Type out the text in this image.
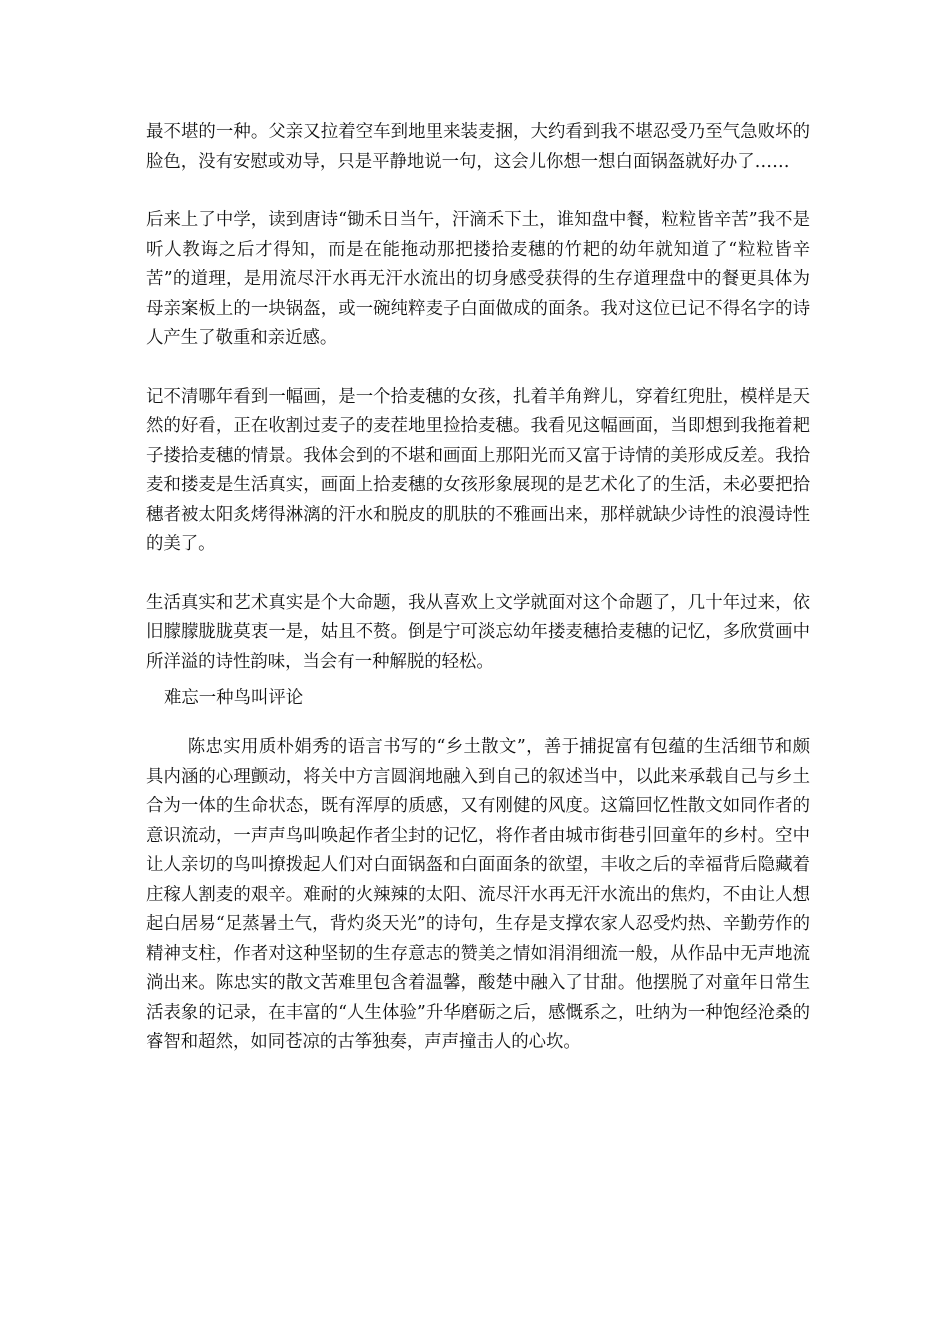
最不堪的一种。父亲又拉着空车到地里来装麦捆，大约看到我不堪忍受乃至气急败坏的脸色，没有安慰或劝导，只是平静地说一句，这会儿你想一想白面锅盔就好办了……

后来上了中学，读到唐诗“锄禾日当午，汗滴禾下土，谁知盘中餐，粒粒皆辛苦”我不是听人教诲之后才得知，而是在能拖动那把搂拾麦穗的竹耙的幼年就知道了“粒粒皆辛苦”的道理，是用流尽汗水再无汗水流出的切身感受获得的生存道理盘中的餐更具体为母亲案板上的一块锅盔，或一碗纯粹麦子白面做成的面条。我对这位已记不得名字的诗人产生了敬重和亲近感。

记不清哪年看到一幅画，是一个拾麦穗的女孩，扎着羊角辫儿，穿着红兜肚，模样是天然的好看，正在收割过麦子的麦茬地里捡拾麦穗。我看见这幅画面，当即想到我拖着耙子搂拾麦穗的情景。我体会到的不堪和画面上那阳光而又富于诗情的美形成反差。我拾麦和搂麦是生活真实，画面上拾麦穗的女孩形象展现的是艺术化了的生活，未必要把拾穗者被太阳炙烤得淋漓的汗水和脱皮的肌肤的不雅画出来，那样就缺少诗性的浪漫诗性的美了。

生活真实和艺术真实是个大命题，我从喜欢上文学就面对这个命题了，几十年过来，依旧朦朦胧胧莫衷一是，姑且不赘。倒是宁可淡忘幼年搂麦穗拾麦穗的记忆，多欣赏画中所洋溢的诗性韵味，当会有一种解脱的轻松。

难忘一种鸟叫评论

陈忠实用质朴娟秀的语言书写的“乡土散文”，善于捕捉富有包蕴的生活细节和颇具内涵的心理颤动，将关中方言圆润地融入到自己的叙述当中，以此来承载自己与乡土合为一体的生命状态，既有浑厚的质感，又有刚健的风度。这篇回忆性散文如同作者的意识流动，一声声鸟叫唤起作者尘封的记忆，将作者由城市街巷引回童年的乡村。空中让人亲切的鸟叫撩拨起人们对白面锅盔和白面面条的欲望，丰收之后的幸福背后隐藏着庄稼人割麦的艰辛。难耐的火辣辣的太阳、流尽汗水再无汗水流出的焦灼，不由让人想起白居易“足蒸暑土气，背灼炎天光”的诗句，生存是支撑农家人忍受灼热、辛勤劳作的精神支柱，作者对这种坚韧的生存意志的赞美之情如涓涓细流一般，从作品中无声地流淌出来。陈忠实的散文苦难里包含着温馨，酸楚中融入了甘甜。他摆脱了对童年日常生活表象的记录，在丰富的“人生体验”升华磨砺之后，感慨系之，吐纳为一种饱经沧桑的睿智和超然，如同苍凉的古筝独奏，声声撞击人的心坎。
